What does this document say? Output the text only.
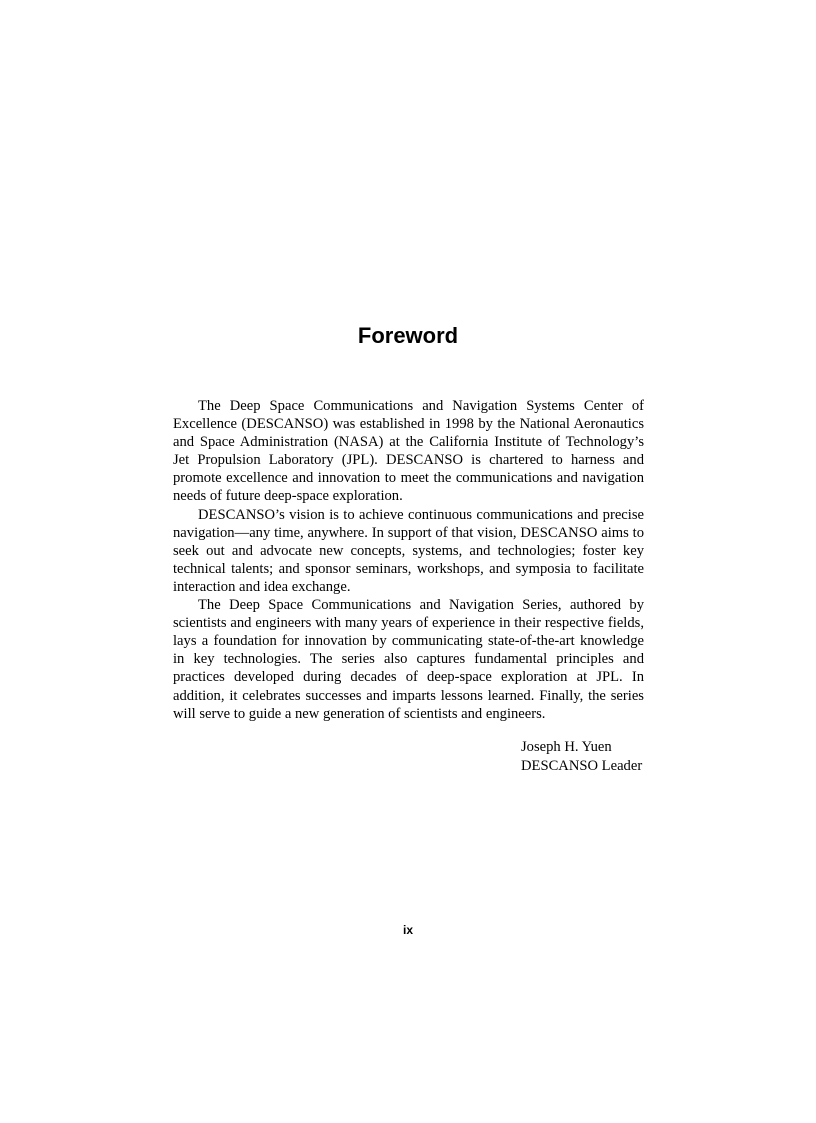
Foreword

The Deep Space Communications and Navigation Systems Center of Excellence (DESCANSO) was established in 1998 by the National Aeronautics and Space Administration (NASA) at the California Institute of Technology’s Jet Propulsion Laboratory (JPL). DESCANSO is chartered to harness and promote excellence and innovation to meet the communications and navigation needs of future deep-space exploration.

DESCANSO’s vision is to achieve continuous communications and precise navigation—any time, anywhere. In support of that vision, DESCANSO aims to seek out and advocate new concepts, systems, and technologies; foster key technical talents; and sponsor seminars, workshops, and symposia to facilitate interaction and idea exchange.

The Deep Space Communications and Navigation Series, authored by scientists and engineers with many years of experience in their respective fields, lays a foundation for innovation by communicating state-of-the-art knowledge in key technologies. The series also captures fundamental principles and practices developed during decades of deep-space exploration at JPL. In addition, it celebrates successes and imparts lessons learned. Finally, the series will serve to guide a new generation of scientists and engineers.

Joseph H. Yuen
DESCANSO Leader
ix
